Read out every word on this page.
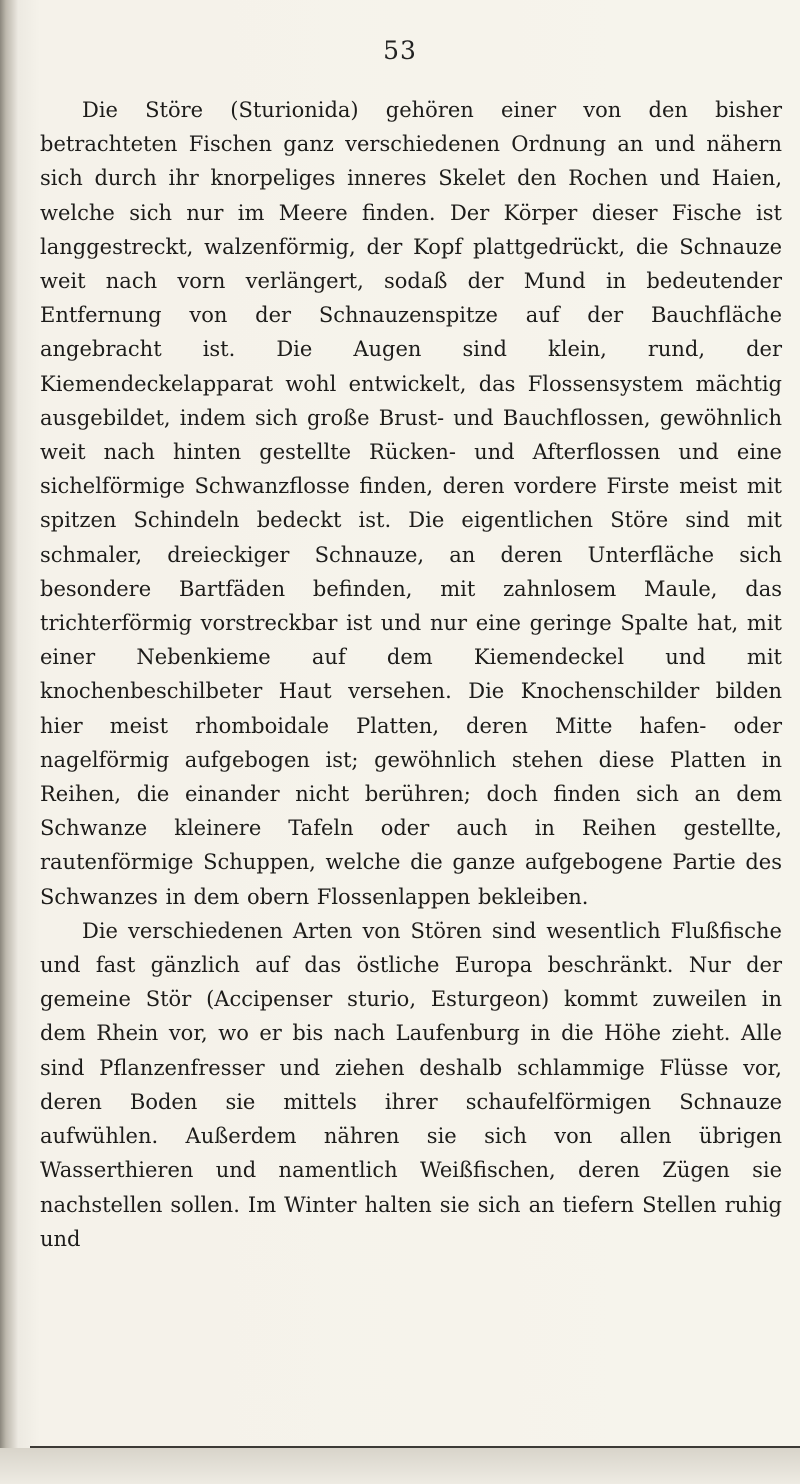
53

Die Störe (Sturionida) gehören einer von den bisher betrachteten Fischen ganz verschiedenen Ordnung an und nähern sich durch ihr knorpeliges inneres Skelet den Rochen und Haien, welche sich nur im Meere finden. Der Körper dieser Fische ist langgestreckt, walzenförmig, der Kopf plattgedrückt, die Schnauze weit nach vorn verlängert, sodaß der Mund in bedeutender Entfernung von der Schnauzenspitze auf der Bauchfläche angebracht ist. Die Augen sind klein, rund, der Kiemendeckelapparat wohl entwickelt, das Flossensystem mächtig ausgebildet, indem sich große Brust- und Bauchflossen, gewöhnlich weit nach hinten gestellte Rücken- und Afterflossen und eine sichelförmige Schwanzflosse finden, deren vordere Firste meist mit spitzen Schindeln bedeckt ist. Die eigentlichen Störe sind mit schmaler, dreieckiger Schnauze, an deren Unterfläche sich besondere Bartfäden befinden, mit zahnlosem Maule, das trichterförmig vorstreckbar ist und nur eine geringe Spalte hat, mit einer Nebenkieme auf dem Kiemendeckel und mit knochenbeschilbeter Haut versehen. Die Knochenschilder bilden hier meist rhomboidale Platten, deren Mitte hafen- oder nagelförmig aufgebogen ist; gewöhnlich stehen diese Platten in Reihen, die einander nicht berühren; doch finden sich an dem Schwanze kleinere Tafeln oder auch in Reihen gestellte, rautenförmige Schuppen, welche die ganze aufgebogene Partie des Schwanzes in dem obern Flossenlappen bekleiben.

Die verschiedenen Arten von Stören sind wesentlich Flußfische und fast gänzlich auf das östliche Europa beschränkt. Nur der gemeine Stör (Accipenser sturio, Esturgeon) kommt zuweilen in dem Rhein vor, wo er bis nach Laufenburg in die Höhe zieht. Alle sind Pflanzenfresser und ziehen deshalb schlammige Flüsse vor, deren Boden sie mittels ihrer schaufelförmigen Schnauze aufwühlen. Außerdem nähren sie sich von allen übrigen Wasserthieren und namentlich Weißfischen, deren Zügen sie nachstellen sollen. Im Winter halten sie sich an tiefern Stellen ruhig und
